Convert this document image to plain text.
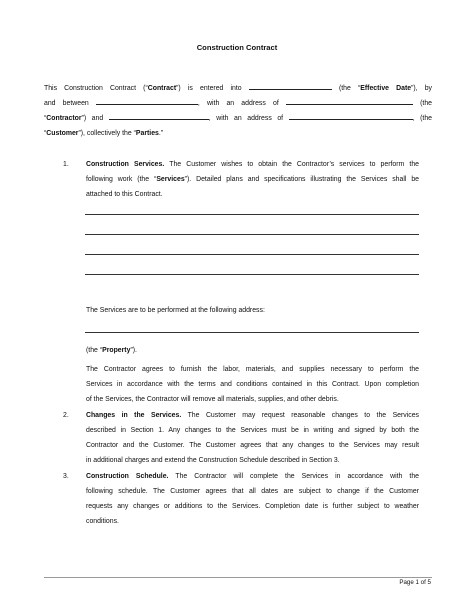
Construction Contract
This Construction Contract (“Contract”) is entered into	(the “Effective Date”), by
and between	, with an address of	(the
“Contractor”) and	, with an address of	, (the
“Customer”), collectively the “Parties.”
1.	Construction Services. The Customer wishes to obtain the Contractor’s services to perform the
following work (the “Services”). Detailed plans and specifications illustrating the Services shall be
attached to this Contract.
The Services are to be performed at the following address:
(the “Property”).
The Contractor agrees to furnish the labor, materials, and supplies necessary to perform the
Services in accordance with the terms and conditions contained in this Contract. Upon completion
of the Services, the Contractor will remove all materials, supplies, and other debris.
2.	Changes in the Services. The Customer may request reasonable changes to the Services
described in Section 1. Any changes to the Services must be in writing and signed by both the
Contractor and the Customer. The Customer agrees that any changes to the Services may result
in additional charges and extend the Construction Schedule described in Section 3.
3.	Construction Schedule. The Contractor will complete the Services in accordance with the
following schedule. The Customer agrees that all dates are subject to change if the Customer
requests any changes or additions to the Services. Completion date is further subject to weather
conditions.
Page 1 of 5
